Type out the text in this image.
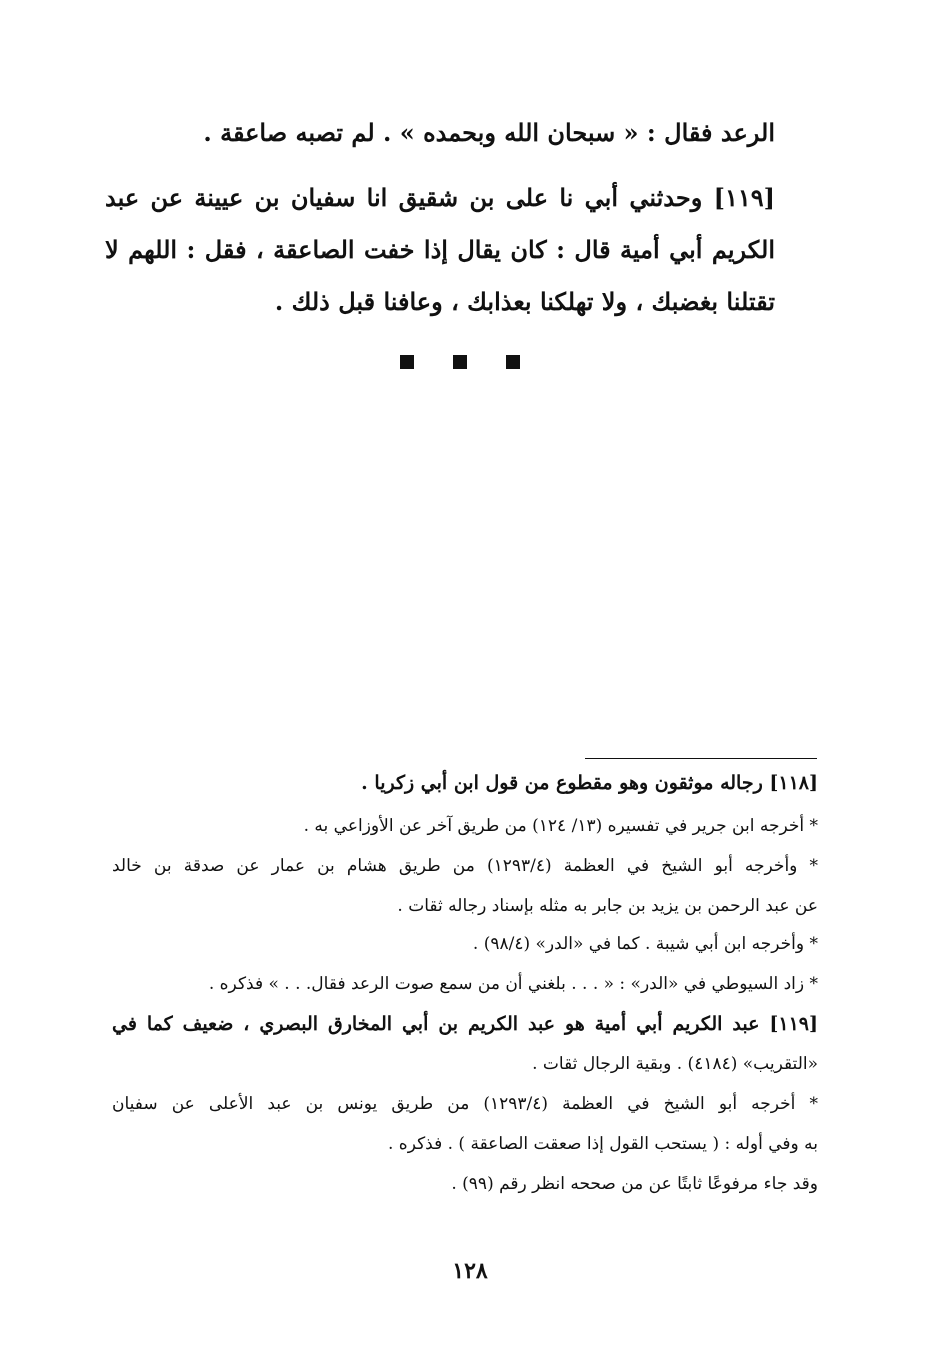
الرعد فقال : « سبحان الله وبحمده » . لم تصبه صاعقة .
[١١٩] وحدثني أبي نا على بن شقيق انا سفيان بن عيينة عن عبد
الكريم أبي أمية قال : كان يقال إذا خفت الصاعقة ، فقل : اللهم لا
تقتلنا بغضبك ، ولا تهلكنا بعذابك ، وعافنا قبل ذلك .
[١١٨] رجاله موثقون وهو مقطوع من قول ابن أبي زكريا .
* أخرجه ابن جرير في تفسيره (١٣/ ١٢٤) من طريق آخر عن الأوزاعي به .
* وأخرجه أبو الشيخ في العظمة (١٢٩٣/٤) من طريق هشام بن عمار عن صدقة بن خالد
عن عبد الرحمن بن يزيد بن جابر به مثله بإسناد رجاله ثقات .
* وأخرجه ابن أبي شيبة . كما في «الدر» (٩٨/٤) .
* زاد السيوطي في «الدر» : « . . . بلغني أن من سمع صوت الرعد فقال. . . » فذكره .
[١١٩] عبد الكريم أبي أمية هو عبد الكريم بن أبي المخارق البصري ، ضعيف كما في
«التقريب» (٤١٨٤) . وبقية الرجال ثقات .
* أخرجه أبو الشيخ في العظمة (١٢٩٣/٤) من طريق يونس بن عبد الأعلى عن سفيان
به وفي أوله : ( يستحب القول إذا صعقت الصاعقة ) . فذكره .
وقد جاء مرفوعًا ثابتًا عن من صححه انظر رقم (٩٩) .
١٢٨
